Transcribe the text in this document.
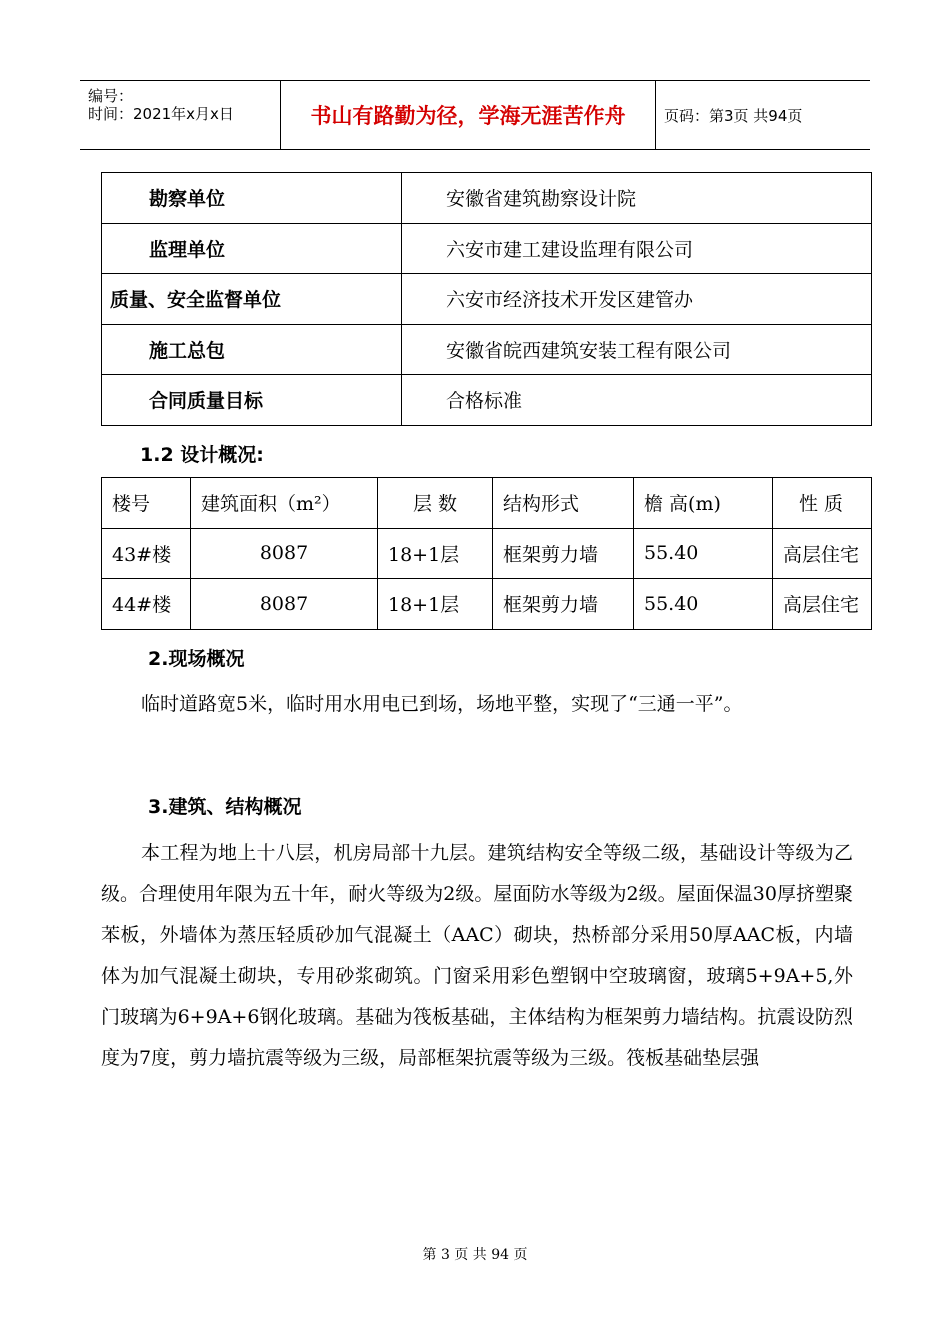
编号：
时间：2021年x月x日	书山有路勤为径，学海无涯苦作舟	页码：第3页 共94页
勘察单位	安徽省建筑勘察设计院
监理单位	六安市建工建设监理有限公司
质量、安全监督单位	六安市经济技术开发区建管办
施工总包	安徽省皖西建筑安装工程有限公司
合同质量目标	合格标准
1.2 设计概况:
楼号	建筑面积（m²）	层 数	结构形式	檐 高(m)	性 质
43#楼	8087	18+1层	框架剪力墙	55.40	高层住宅
44#楼	8087	18+1层	框架剪力墙	55.40	高层住宅
2.现场概况
临时道路宽5米，临时用水用电已到场，场地平整，实现了“三通一平”。
3.建筑、结构概况
本工程为地上十八层，机房局部十九层。建筑结构安全等级二级，基础设计等级为乙级。合理使用年限为五十年，耐火等级为2级。屋面防水等级为2级。屋面保温30厚挤塑聚苯板，外墙体为蒸压轻质砂加气混凝土（AAC）砌块，热桥部分采用50厚AAC板，内墙体为加气混凝土砌块，专用砂浆砌筑。门窗采用彩色塑钢中空玻璃窗，玻璃5+9A+5,外门玻璃为6+9A+6钢化玻璃。基础为筏板基础，主体结构为框架剪力墙结构。抗震设防烈度为7度，剪力墙抗震等级为三级，局部框架抗震等级为三级。筏板基础垫层强
第 3 页 共 94 页
